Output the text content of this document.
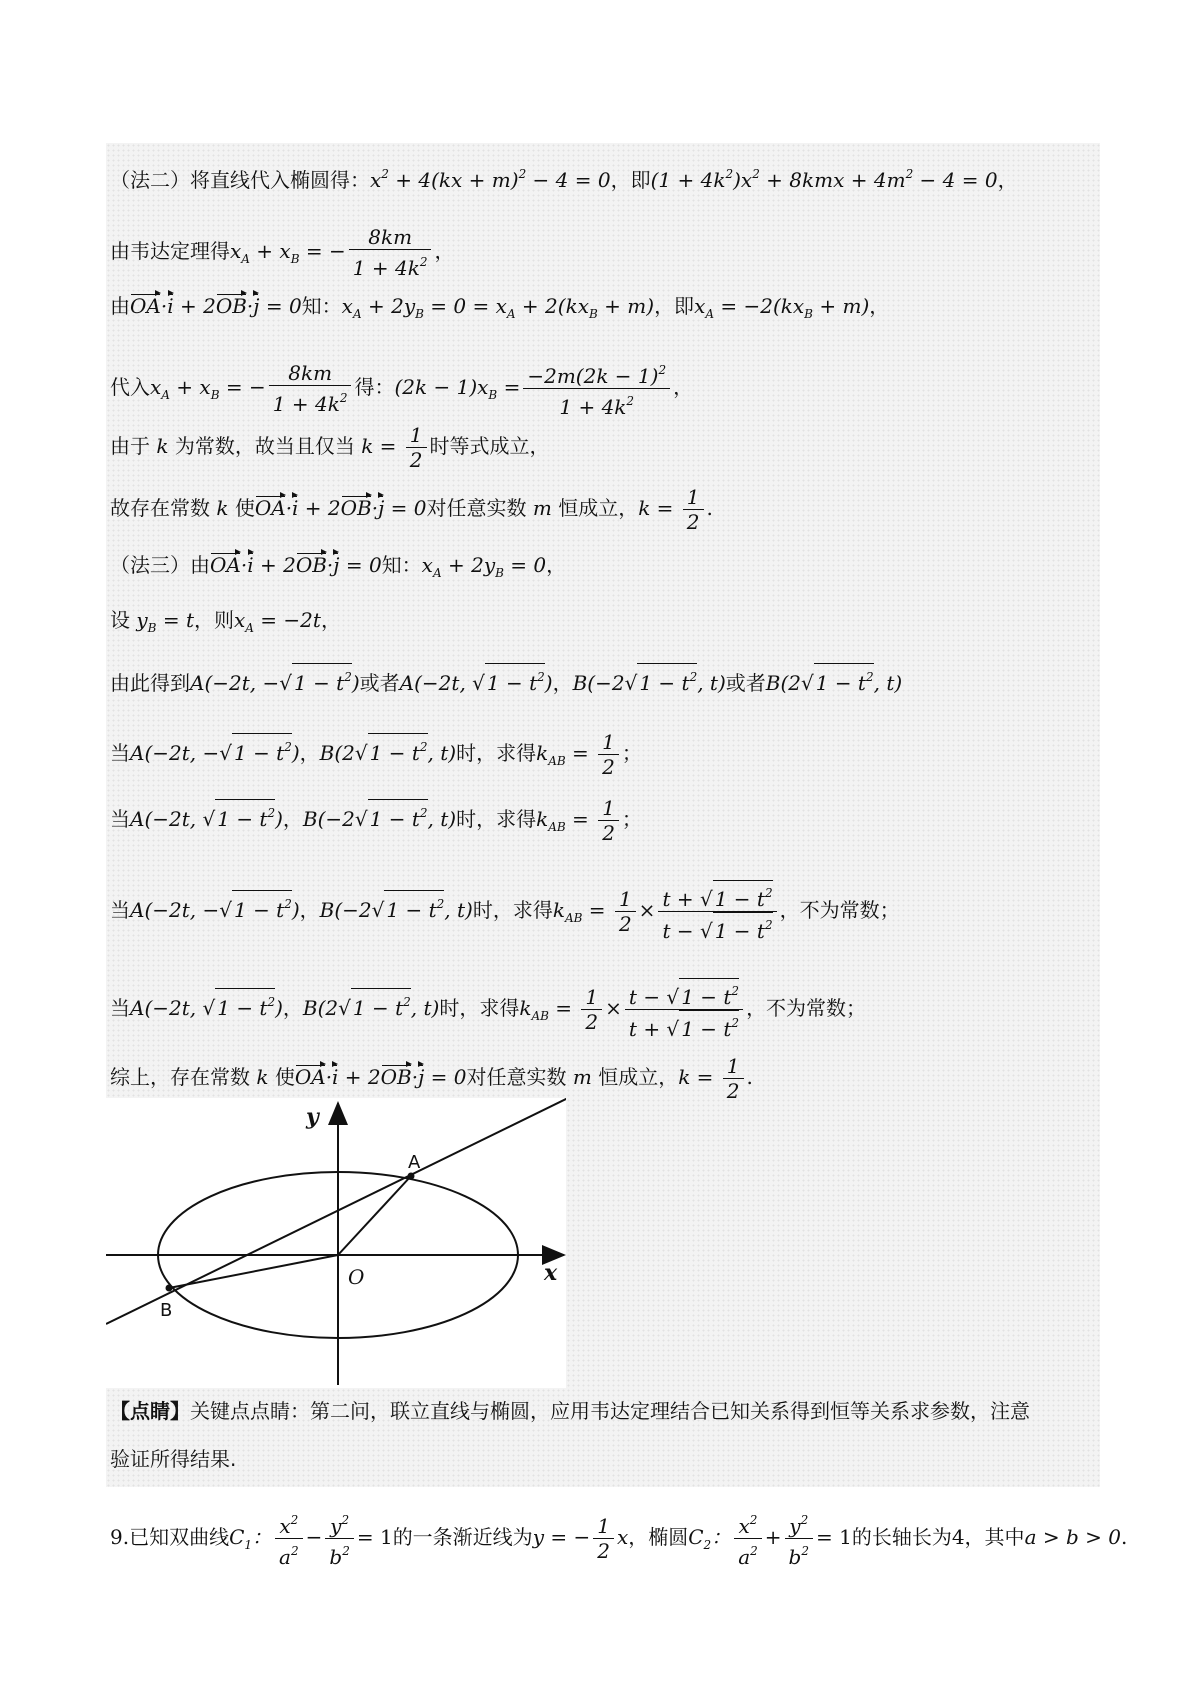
（法二）将直线代入椭圆得：$x^2 + 4(kx + m)^2 - 4 = 0$，即$(1 + 4k^2)x^2 + 8kmx + 4m^2 - 4 = 0$，
由韦达定理得$x_A + x_B$ = − $\frac{8km}{1 + 4k^2}$ ，
由OA·i + 2OB·j = 0知：$x_A + 2y_B = 0 = x_A + 2(kx_B + m)$，即$x_A = -2(kx_B + m)$，
代入$x_A + x_B$ = − $\frac{8km}{1 + 4k^2}$ 得：$(2k - 1)x_B = \frac{-2m(2k - 1)^2}{1 + 4k^2}$ ，
由于 k 为常数，故当且仅当 $k = \frac{1}{2}$ 时等式成立，
故存在常数 k 使OA·i + 2OB·j = 0对任意实数 m 恒成立，$k = \frac{1}{2}$ .
（法三）由OA·i + 2OB·j = 0知：$x_A + 2y_B = 0$，
设 $y_B = t$，则$x_A = -2t$，
由此得到A(−2t, −√ $1 - t^2$)或者A(−2t, √ $1 - t^2$)，B(−2√ $1 - t^2$, t)或者B(2√ $1 - t^2$, t)
当A(−2t, −√ $1 - t^2$)，B(2√ $1 - t^2$, t)时，求得$k_{AB} = \frac{1}{2}$ ；
当A(−2t, √ $1 - t^2$)，B(−2√ $1 - t^2$, t)时，求得$k_{AB} = \frac{1}{2}$ ；
当A(−2t, −√ $1 - t^2$)，B(−2√ $1 - t^2$, t)时，求得$k_{AB} = \frac{1}{2} \times \frac{t + √ 1 - t^2}{t - √ 1 - t^2}$ ，不为常数；
当A(−2t, √ $1 - t^2$)，B(2√ $1 - t^2$, t)时，求得$k_{AB} = \frac{1}{2} \times \frac{t - √ 1 - t^2}{t + √ 1 - t^2}$ ，不为常数；
综上，存在常数 k 使OA·i + 2OB·j = 0对任意实数 m 恒成立，$k = \frac{1}{2}$ .
A
B
O
y
x
【点睛】关键点点睛：第二问，联立直线与椭圆，应用韦达定理结合已知关系得到恒等关系求参数，注意
验证所得结果.
9.已知双曲线$C_1$： $\frac{x^2}{a^2} - \frac{y^2}{b^2} = 1$的一条渐近线为y = − $\frac{1}{2}$ x，椭圆$C_2$： $\frac{x^2}{a^2} + \frac{y^2}{b^2} = 1$的长轴长为4，其中a > b > 0.
